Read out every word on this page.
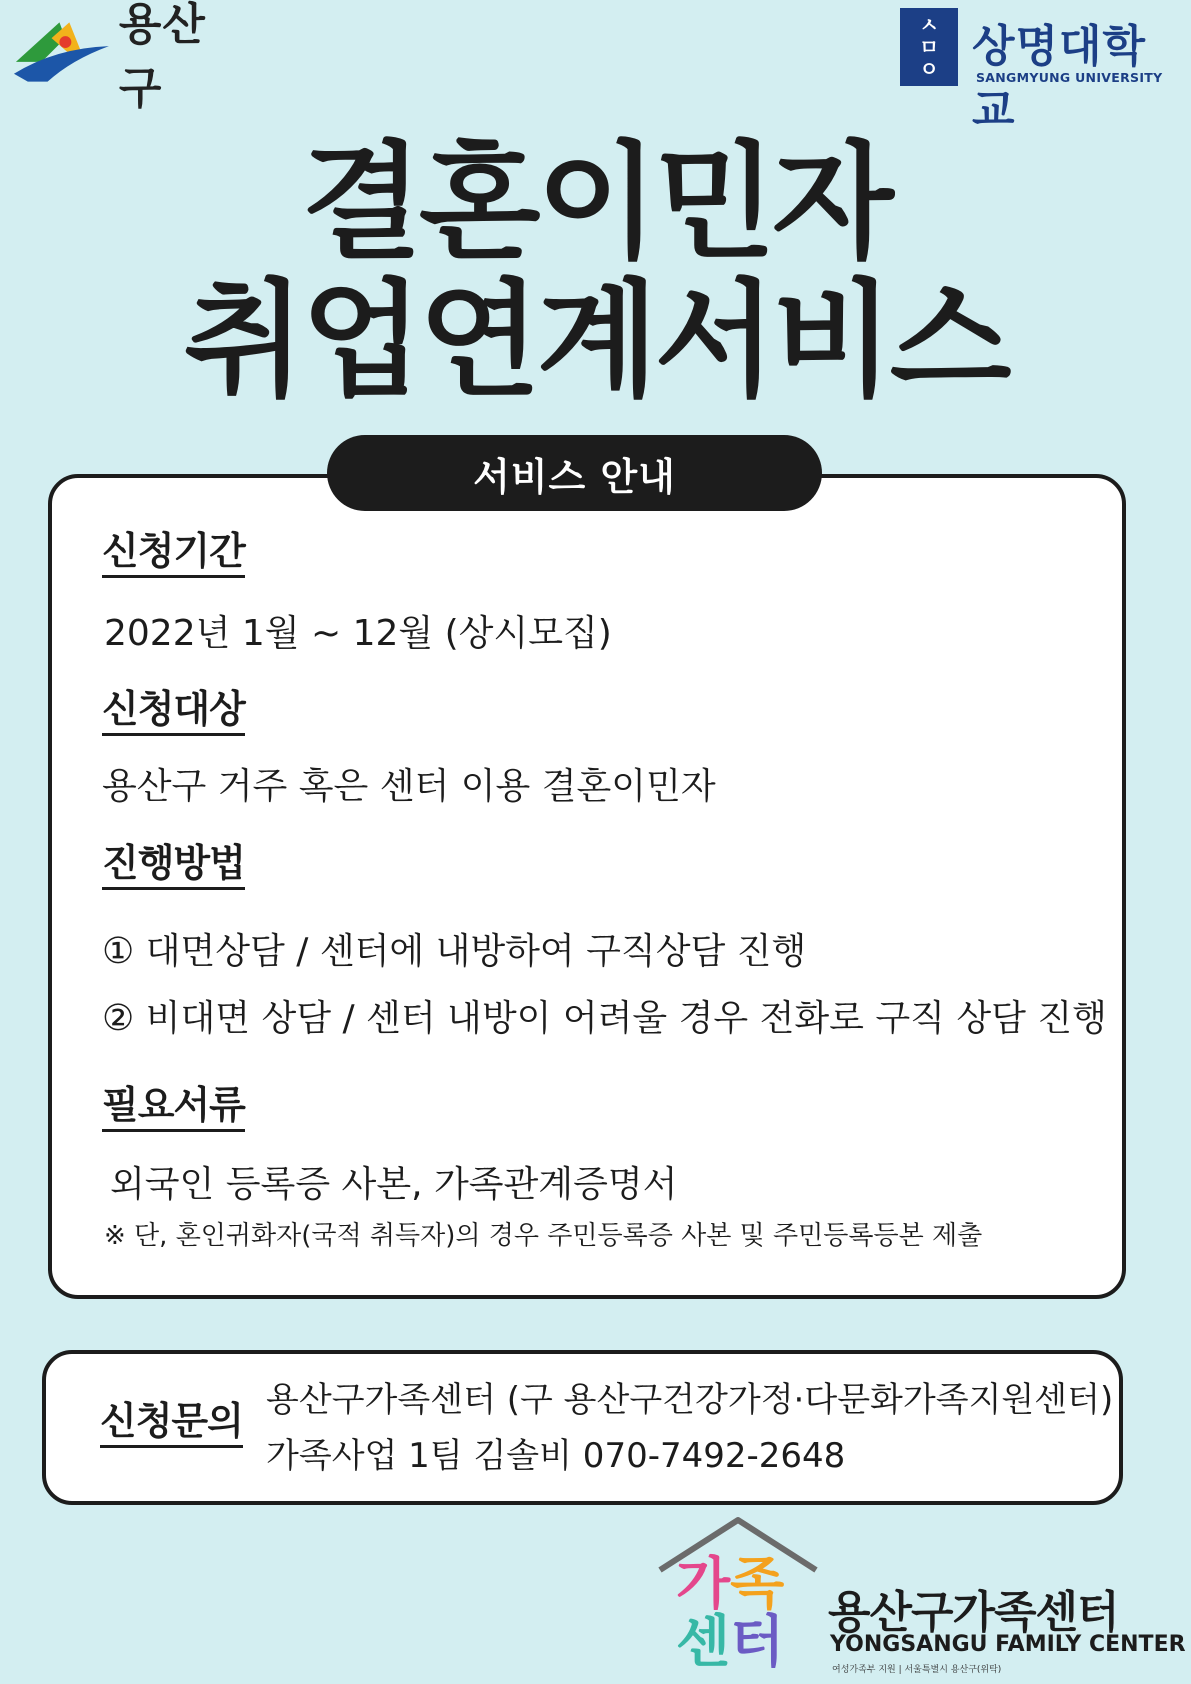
용산구
ㅅ
ㅁ
ㅇ 상명대학교
SANGMYUNG UNIVERSITY
결혼이민자
취업연계서비스
서비스 안내
신청기간
2022년 1월 ~ 12월 (상시모집)
신청대상
용산구 거주 혹은 센터 이용 결혼이민자
진행방법
① 대면상담 / 센터에 내방하여 구직상담 진행
② 비대면 상담 / 센터 내방이 어려울 경우 전화로 구직 상담 진행
필요서류
외국인 등록증 사본, 가족관계증명서
※ 단, 혼인귀화자(국적 취득자)의 경우 주민등록증 사본 및 주민등록등본 제출
신청문의 용산구가족센터 (구 용산구건강가정·다문화가족지원센터)
가족사업 1팀 김솔비 070-7492-2648
가족
센터 용산구가족센터
YONGSANGU FAMILY CENTER
여성가족부 지원 | 서울특별시 용산구(위탁)
